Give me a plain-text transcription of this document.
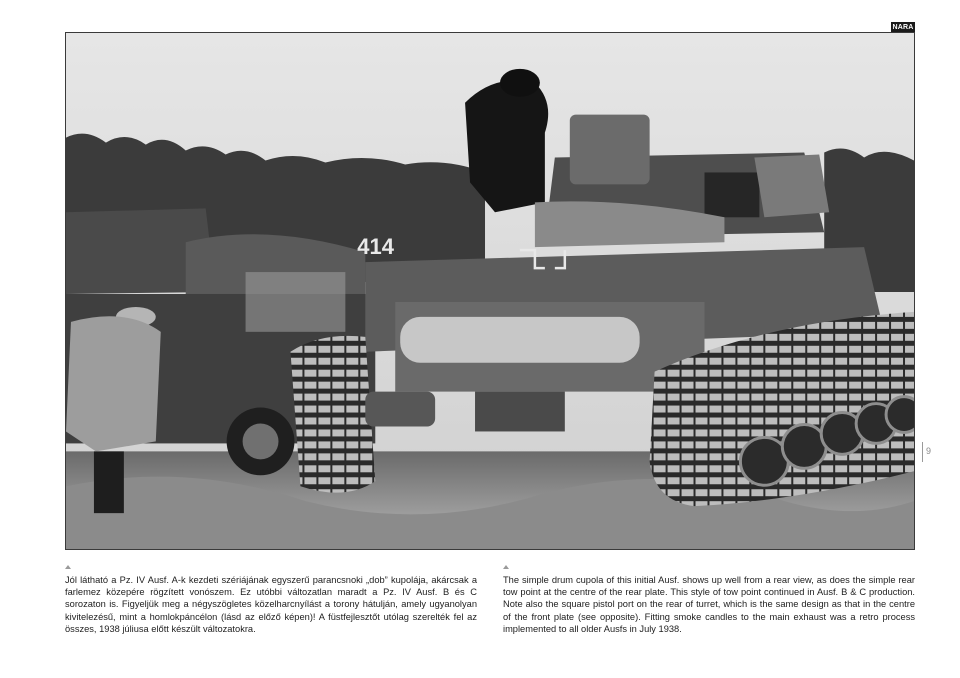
NARA
414
9
Jól látható a Pz. IV Ausf. A-k kezdeti szériájának egyszerű parancsnoki „dob” kupolája, akárcsak a farlemez közepére rögzített vonószem. Ez utóbbi változatlan maradt a Pz. IV Ausf. B és C sorozaton is. Figyeljük meg a négyszögletes közelharcnyílást a torony hátulján, amely ugyanolyan kivitelezésű, mint a homlokpáncélon (lásd az előző képen)! A füstfejlesztőt utólag szerelték fel az összes, 1938 júliusa előtt készült változatokra.
The simple drum cupola of this initial Ausf. shows up well from a rear view, as does the simple rear tow point at the centre of the rear plate. This style of tow point continued in Ausf. B & C production. Note also the square pistol port on the rear of turret, which is the same design as that in the centre of the front plate (see opposite). Fitting smoke candles to the main exhaust was a retro process implemented to all older Ausfs in July 1938.
